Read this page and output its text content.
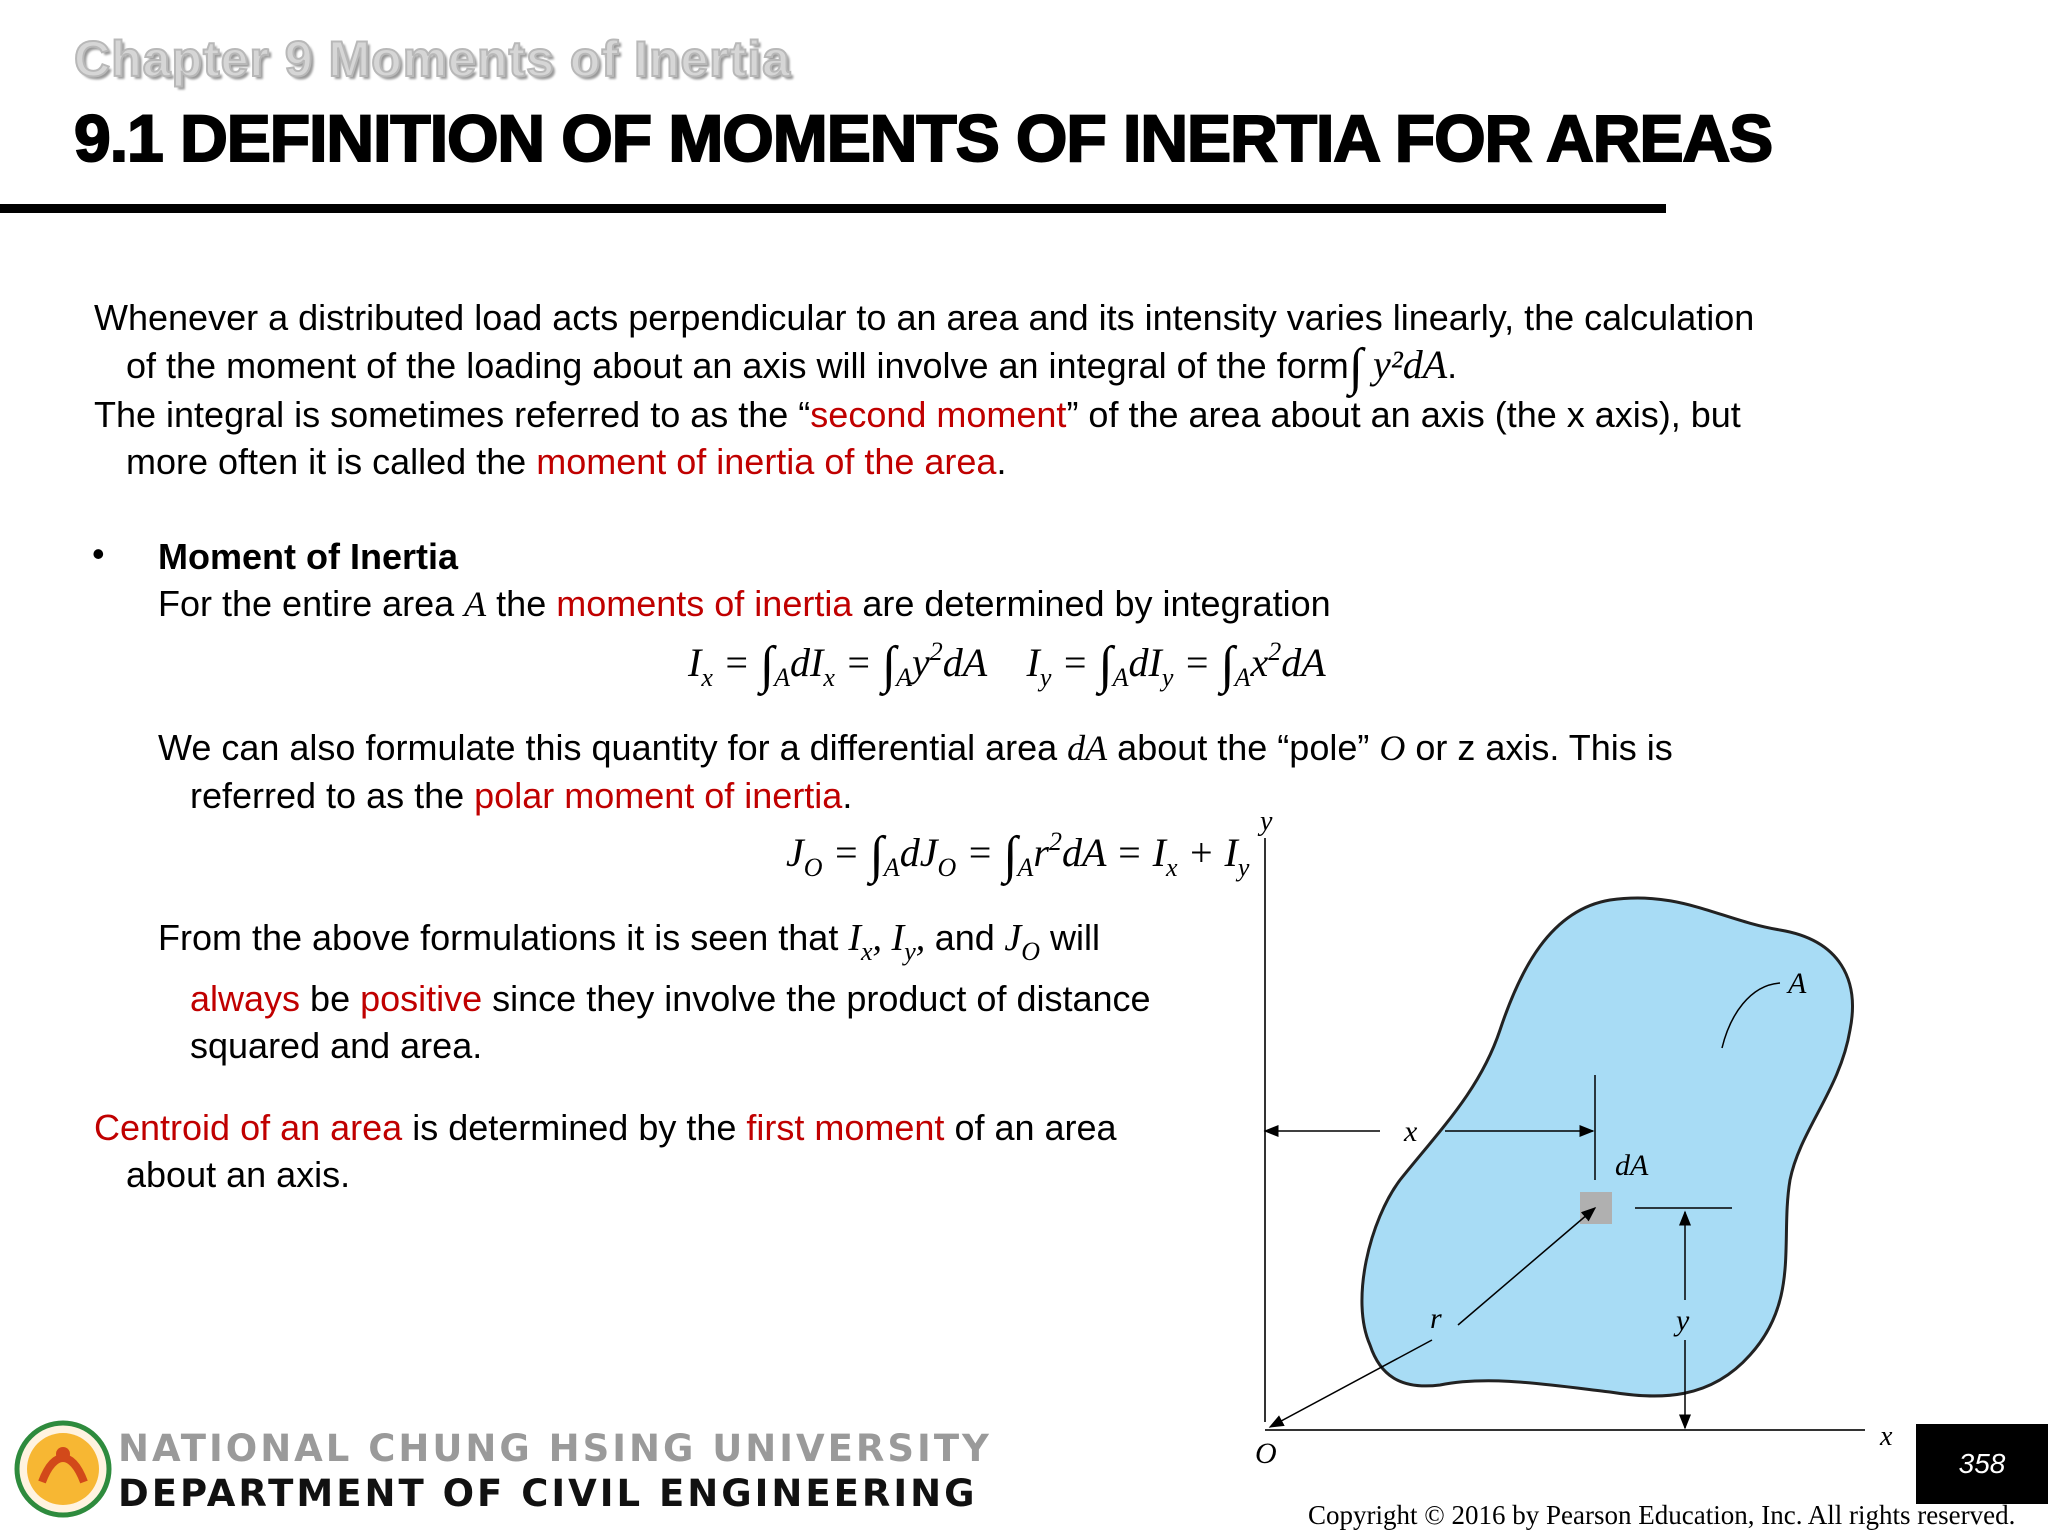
Chapter 9 Moments of Inertia
9.1 DEFINITION OF MOMENTS OF INERTIA FOR AREAS
Whenever a distributed load acts perpendicular to an area and its intensity varies linearly, the calculation
of the moment of the loading about an axis will involve an integral of the form∫ y²dA.
The integral is sometimes referred to as the “second moment” of the area about an axis (the x axis), but
more often it is called the moment of inertia of the area.
• Moment of Inertia
For the entire area A the moments of inertia are determined by integration
$I_x = \int_AdI_x = \int_Ay^2dA$    $I_y = \int_AdI_y = \int_Ax^2dA$
We can also formulate this quantity for a differential area dA about the “pole” O or z axis. This is
referred to as the polar moment of inertia.
$J_O = \int_AdJ_O = \int_Ar^2dA = I_x + I_y$
From the above formulations it is seen that $I_x$, $I_y$, and $J_O$ will
always be positive since they involve the product of distance
squared and area.
Centroid of an area is determined by the first moment of an area
about an axis.
y
x
O
A
x
y
dA
r
NATIONAL CHUNG HSING UNIVERSITY
DEPARTMENT OF CIVIL ENGINEERING
358
Copyright © 2016 by Pearson Education, Inc. All rights reserved.
